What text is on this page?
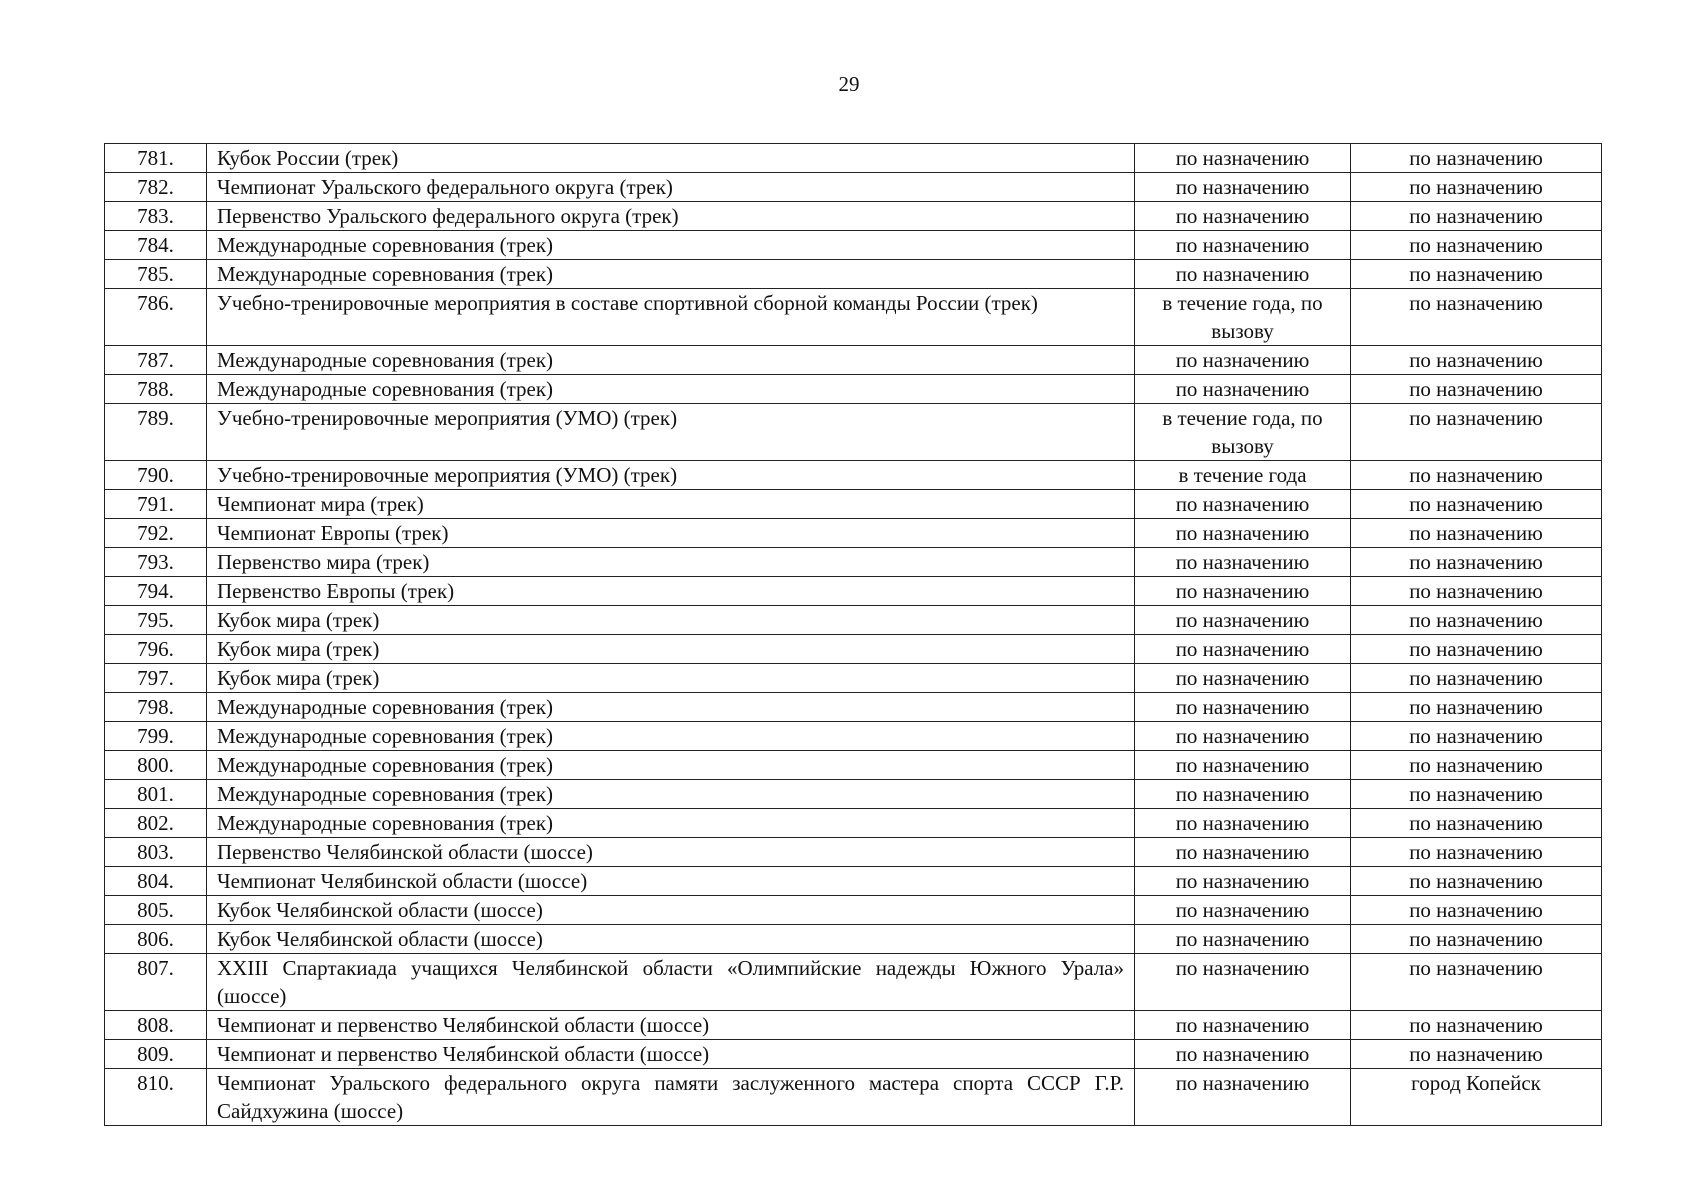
29
781.	Кубок России (трек)	по назначению	по назначению
782.	Чемпионат Уральского федерального округа (трек)	по назначению	по назначению
783.	Первенство Уральского федерального округа (трек)	по назначению	по назначению
784.	Международные соревнования (трек)	по назначению	по назначению
785.	Международные соревнования (трек)	по назначению	по назначению
786.	Учебно-тренировочные мероприятия в составе спортивной сборной команды России (трек)	в течение года, по вызову	по назначению
787.	Международные соревнования (трек)	по назначению	по назначению
788.	Международные соревнования (трек)	по назначению	по назначению
789.	Учебно-тренировочные мероприятия (УМО) (трек)	в течение года, по вызову	по назначению
790.	Учебно-тренировочные мероприятия (УМО) (трек)	в течение года	по назначению
791.	Чемпионат мира (трек)	по назначению	по назначению
792.	Чемпионат Европы (трек)	по назначению	по назначению
793.	Первенство мира (трек)	по назначению	по назначению
794.	Первенство Европы (трек)	по назначению	по назначению
795.	Кубок мира (трек)	по назначению	по назначению
796.	Кубок мира (трек)	по назначению	по назначению
797.	Кубок мира (трек)	по назначению	по назначению
798.	Международные соревнования (трек)	по назначению	по назначению
799.	Международные соревнования (трек)	по назначению	по назначению
800.	Международные соревнования (трек)	по назначению	по назначению
801.	Международные соревнования (трек)	по назначению	по назначению
802.	Международные соревнования (трек)	по назначению	по назначению
803.	Первенство Челябинской области (шоссе)	по назначению	по назначению
804.	Чемпионат Челябинской области (шоссе)	по назначению	по назначению
805.	Кубок Челябинской области (шоссе)	по назначению	по назначению
806.	Кубок Челябинской области (шоссе)	по назначению	по назначению
807.	XXIII Спартакиада учащихся Челябинской области «Олимпийские надежды Южного Урала» (шоссе)	по назначению	по назначению
808.	Чемпионат и первенство Челябинской области (шоссе)	по назначению	по назначению
809.	Чемпионат и первенство Челябинской области (шоссе)	по назначению	по назначению
810.	Чемпионат Уральского федерального округа памяти заслуженного мастера спорта СССР Г.Р. Сайдхужина (шоссе)	по назначению	город Копейск
